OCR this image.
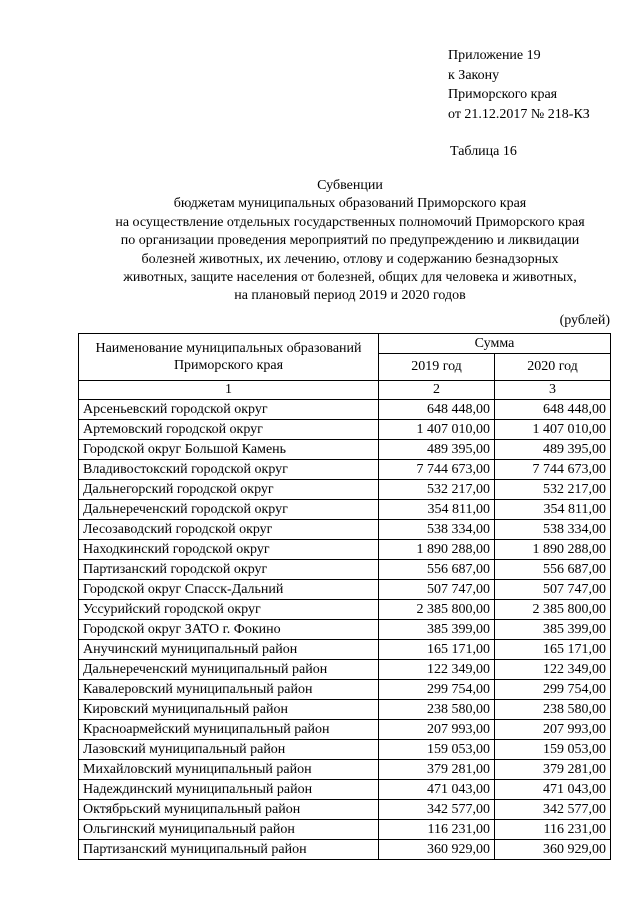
Приложение 19
к Закону
Приморского края
от 21.12.2017 № 218-КЗ
Таблица 16
Субвенции
бюджетам муниципальных образований Приморского края
на осуществление отдельных государственных полномочий Приморского края
по организации проведения мероприятий по предупреждению и ликвидации
болезней животных, их лечению, отлову и содержанию безнадзорных
животных, защите населения от болезней, общих для человека и животных,
на плановый период 2019 и 2020 годов
(рублей)
Наименование муниципальных образований Приморского края	Сумма	
	2019 год	2020 год
1	2	3
Арсеньевский городской округ	648 448,00	648 448,00
Артемовский городской округ	1 407 010,00	1 407 010,00
Городской округ Большой Камень	489 395,00	489 395,00
Владивостокский городской округ	7 744 673,00	7 744 673,00
Дальнегорский городской округ	532 217,00	532 217,00
Дальнереченский городской округ	354 811,00	354 811,00
Лесозаводский городской округ	538 334,00	538 334,00
Находкинский городской округ	1 890 288,00	1 890 288,00
Партизанский городской округ	556 687,00	556 687,00
Городской округ Спасск-Дальний	507 747,00	507 747,00
Уссурийский городской округ	2 385 800,00	2 385 800,00
Городской округ ЗАТО г. Фокино	385 399,00	385 399,00
Анучинский муниципальный район	165 171,00	165 171,00
Дальнереченский муниципальный район	122 349,00	122 349,00
Кавалеровский муниципальный район	299 754,00	299 754,00
Кировский муниципальный район	238 580,00	238 580,00
Красноармейский муниципальный район	207 993,00	207 993,00
Лазовский муниципальный район	159 053,00	159 053,00
Михайловский муниципальный район	379 281,00	379 281,00
Надеждинский муниципальный район	471 043,00	471 043,00
Октябрьский муниципальный район	342 577,00	342 577,00
Ольгинский муниципальный район	116 231,00	116 231,00
Партизанский муниципальный район	360 929,00	360 929,00
